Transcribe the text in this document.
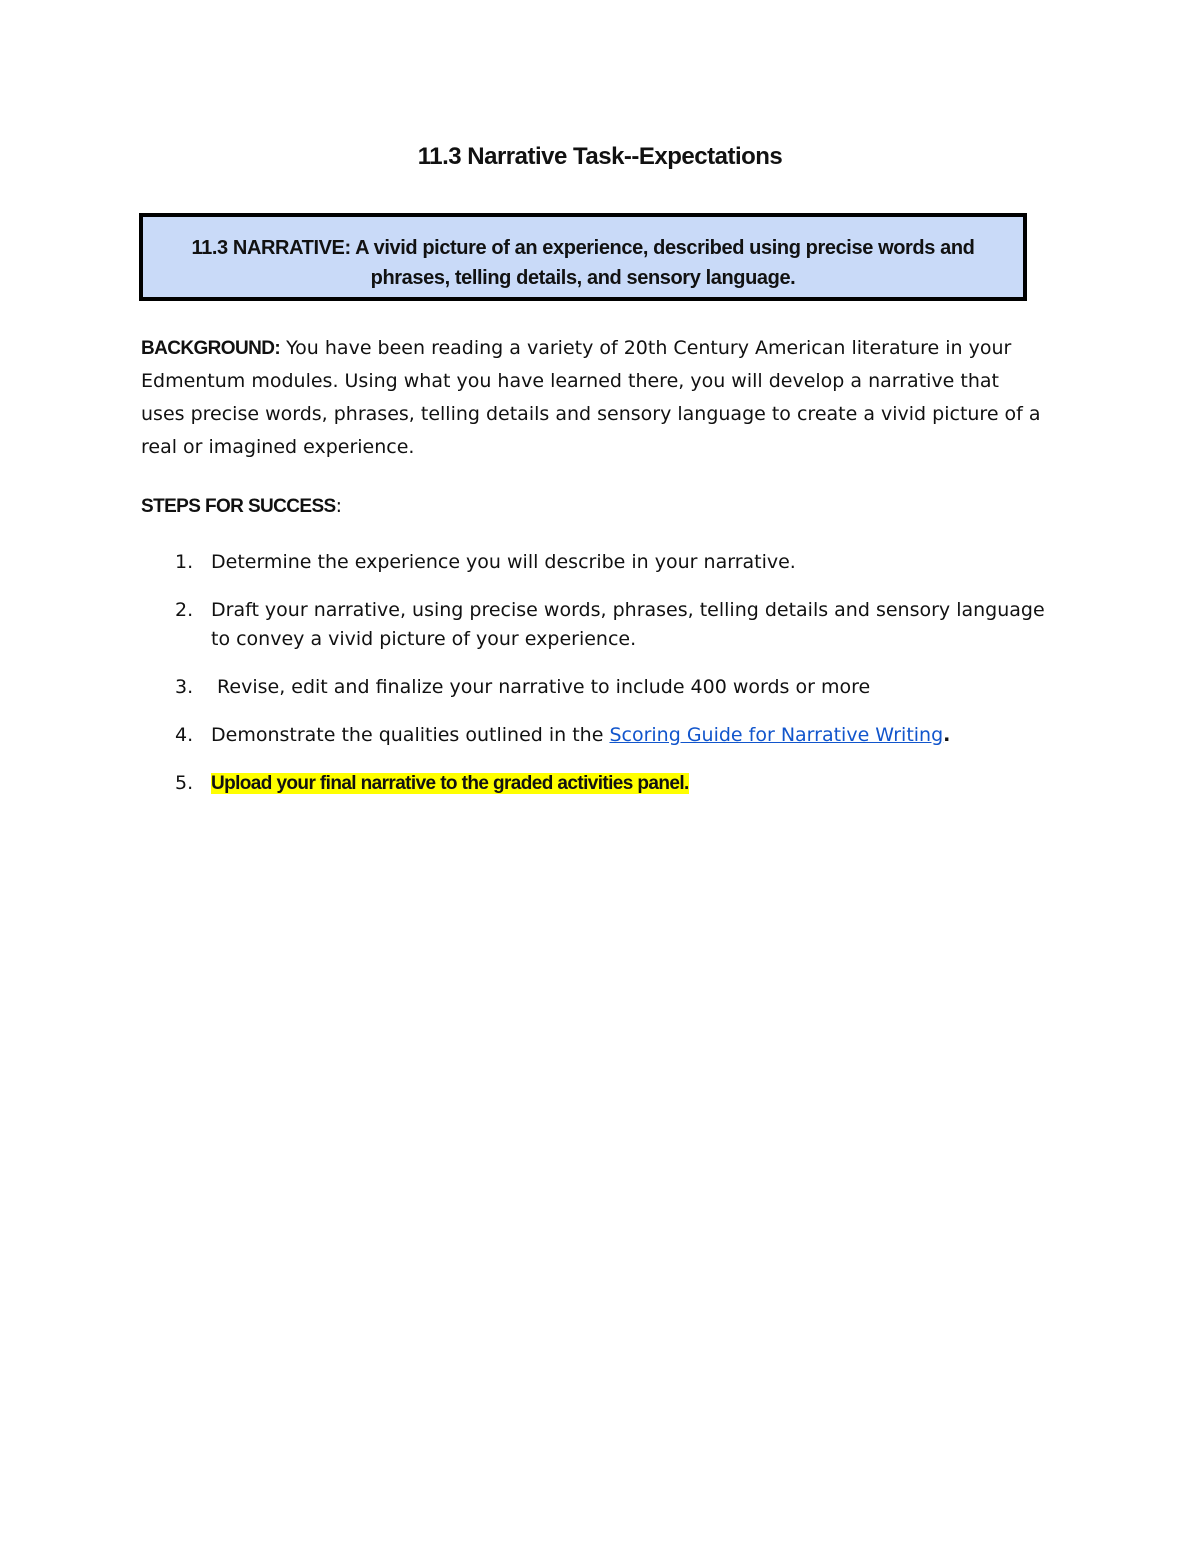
11.3 Narrative Task--Expectations
11.3 NARRATIVE: A vivid picture of an experience, described using precise words and
phrases, telling details, and sensory language.

BACKGROUND: You have been reading a variety of 20th Century American literature in your Edmentum modules. Using what you have learned there, you will develop a narrative that uses precise words, phrases, telling details and sensory language to create a vivid picture of a real or imagined experience.

STEPS FOR SUCCESS:

1. Determine the experience you will describe in your narrative.
2. Draft your narrative, using precise words, phrases, telling details and sensory language to convey a vivid picture of your experience.
3. Revise, edit and finalize your narrative to include 400 words or more
4. Demonstrate the qualities outlined in the Scoring Guide for Narrative Writing.
5. Upload your final narrative to the graded activities panel.
